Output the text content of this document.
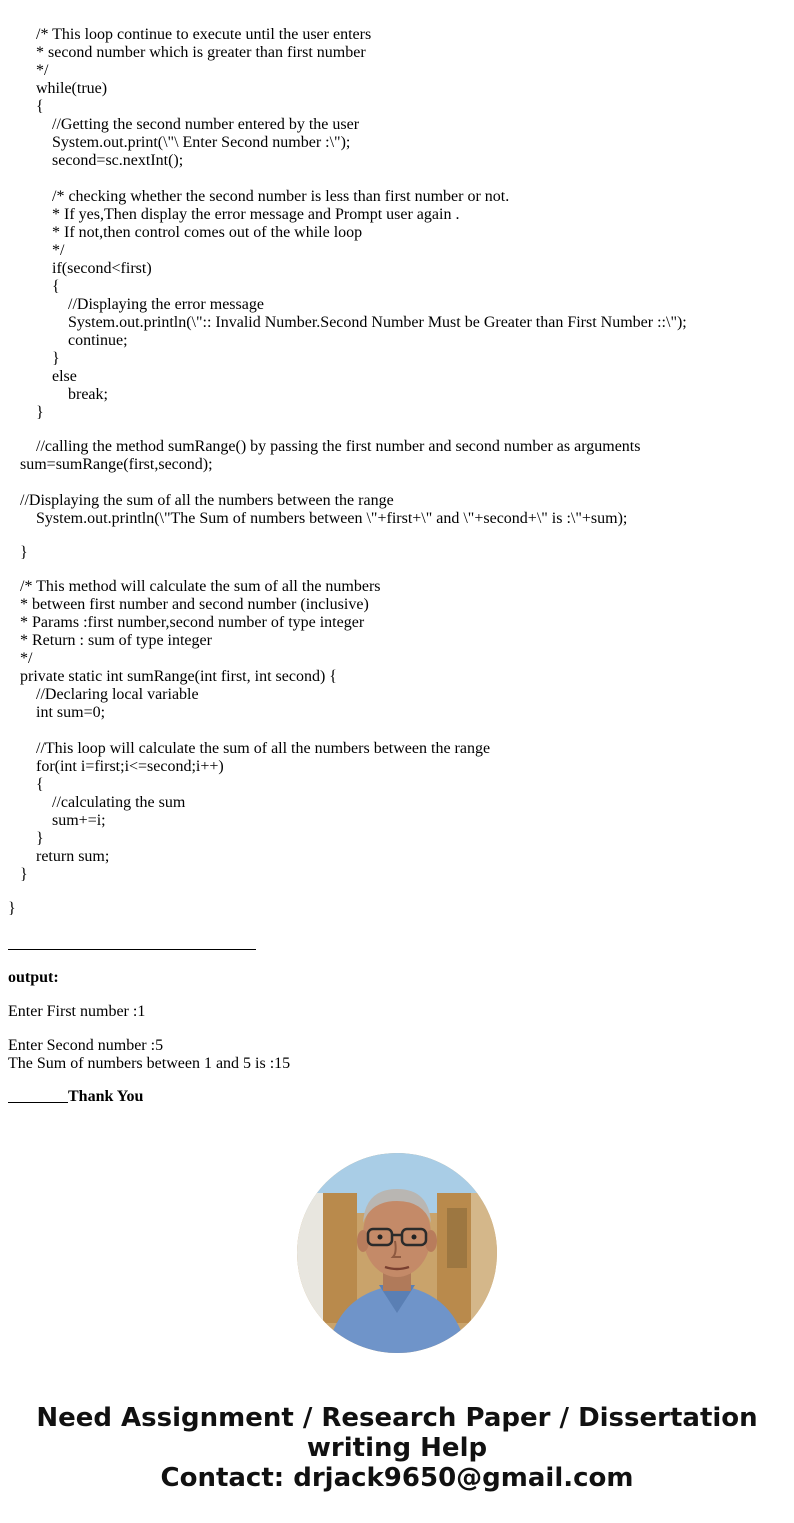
/* This loop continue to execute until the user enters
* second number which is greater than first number
*/
while(true)
{
//Getting the second number entered by the user
System.out.print(\"\ Enter Second number :\");
second=sc.nextInt();
/* checking whether the second number is less than first number or not.
* If yes,Then display the error message and Prompt user again .
* If not,then control comes out of the while loop
*/
if(second<first)
{
//Displaying the error message
System.out.println(\":: Invalid Number.Second Number Must be Greater than First Number ::\");
continue;
}
else
break;
}
//calling the method sumRange() by passing the first number and second number as arguments
sum=sumRange(first,second);
//Displaying the sum of all the numbers between the range
System.out.println(\"The Sum of numbers between \"+first+\" and \"+second+\" is :\"+sum);
}
/* This method will calculate the sum of all the numbers
* between first number and second number (inclusive)
* Params :first number,second number of type integer
* Return : sum of type integer
*/
private static int sumRange(int first, int second) {
//Declaring local variable
int sum=0;
//This loop will calculate the sum of all the numbers between the range
for(int i=first;i<=second;i++)
{
//calculating the sum
sum+=i;
}
return sum;
}
}
output:
Enter First number :1
Enter Second number :5
The Sum of numbers between 1 and 5 is :15
Thank You
Need Assignment / Research Paper / Dissertation
writing Help
Contact: drjack9650@gmail.com
